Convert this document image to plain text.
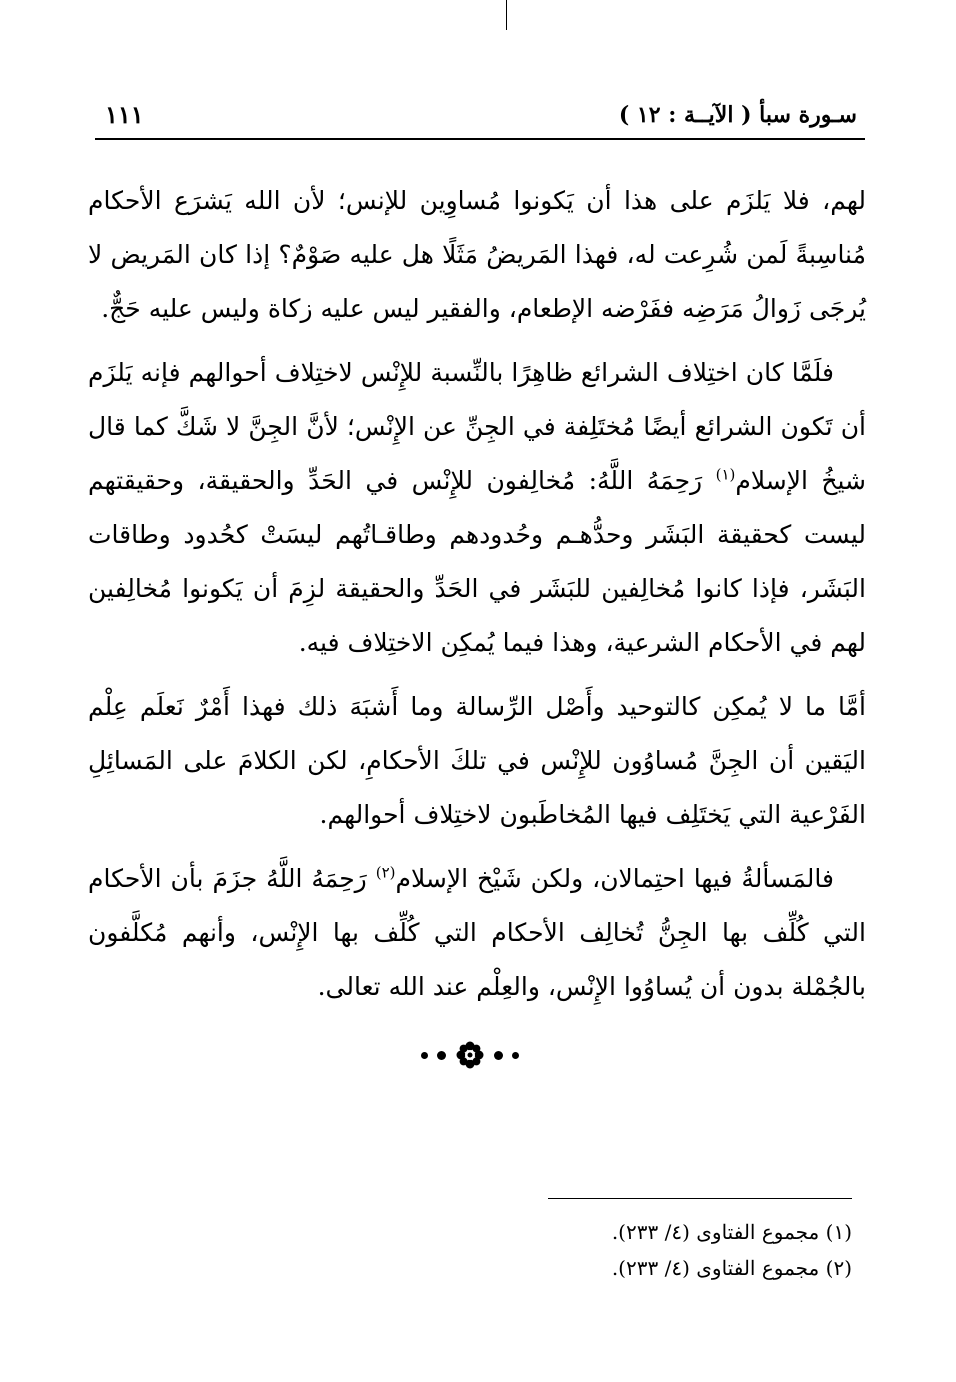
سـورة سبأ ( الآيــة : ١٢ )
١١١

لهم، فلا يَلزَم على هذا أن يَكونوا مُساوِين للإنس؛ لأن الله يَشرَع الأحكام مُناسِبةً لَمن شُرِعت له، فهذا المَريضُ مَثَلًا هل عليه صَوْمٌ؟ إذا كان المَريض لا يُرجَى زَوالُ مَرَضِه ففَرْضه الإطعام، والفقير ليس عليه زكاة وليس عليه حَجٌّ.

فلَمَّا كان اختِلاف الشرائع ظاهِرًا بالنِّسبة للإِنْس لاختِلاف أحوالهم فإنه يَلزَم أن تَكون الشرائع أيضًا مُختَلِفة في الجِنِّ عن الإِنْس؛ لأنَّ الجِنَّ لا شَكَّ كما قال شيخُ الإسلام$^{(١)}$ رَحِمَهُ اللَّهُ: مُخالِفون للإِنْس في الحَدِّ والحقيقة، وحقيقتهم ليست كحقيقة البَشَر وحدُّهـم وحُدودهم وطاقـاتُهم ليسَتْ كحُدود وطاقات البَشَر، فإذا كانوا مُخالِفين للبَشَر في الحَدِّ والحقيقة لزِمَ أن يَكونوا مُخالِفين لهم في الأحكام الشرعية، وهذا فيما يُمكِن الاختِلاف فيه.

أمَّا ما لا يُمكِن كالتوحيد وأَصْل الرِّسالة وما أَشبَهَ ذلك فهذا أَمْرٌ نَعلَم عِلْم اليَقين أن الجِنَّ مُساوُون للإِنْس في تلكَ الأحكامِ، لكن الكلامَ على المَسائِلِ الفَرْعية التي يَختَلِف فيها المُخاطَبون لاختِلاف أحوالهم.

فالمَسألةُ فيها احتِمالان، ولكن شَيْخ الإسلام$^{(٢)}$ رَحِمَهُ اللَّهُ جزَمَ بأن الأحكام التي كُلِّف بها الجِنُّ تُخالِف الأحكام التي كُلِّف بها الإِنْس، وأنهم مُكلَّفون بالجُمْلة بدون أن يُساوُوا الإِنْس، والعِلْم عند الله تعالى.

(١) مجموع الفتاوى (٤/ ٢٣٣).
(٢) مجموع الفتاوى (٤/ ٢٣٣).
